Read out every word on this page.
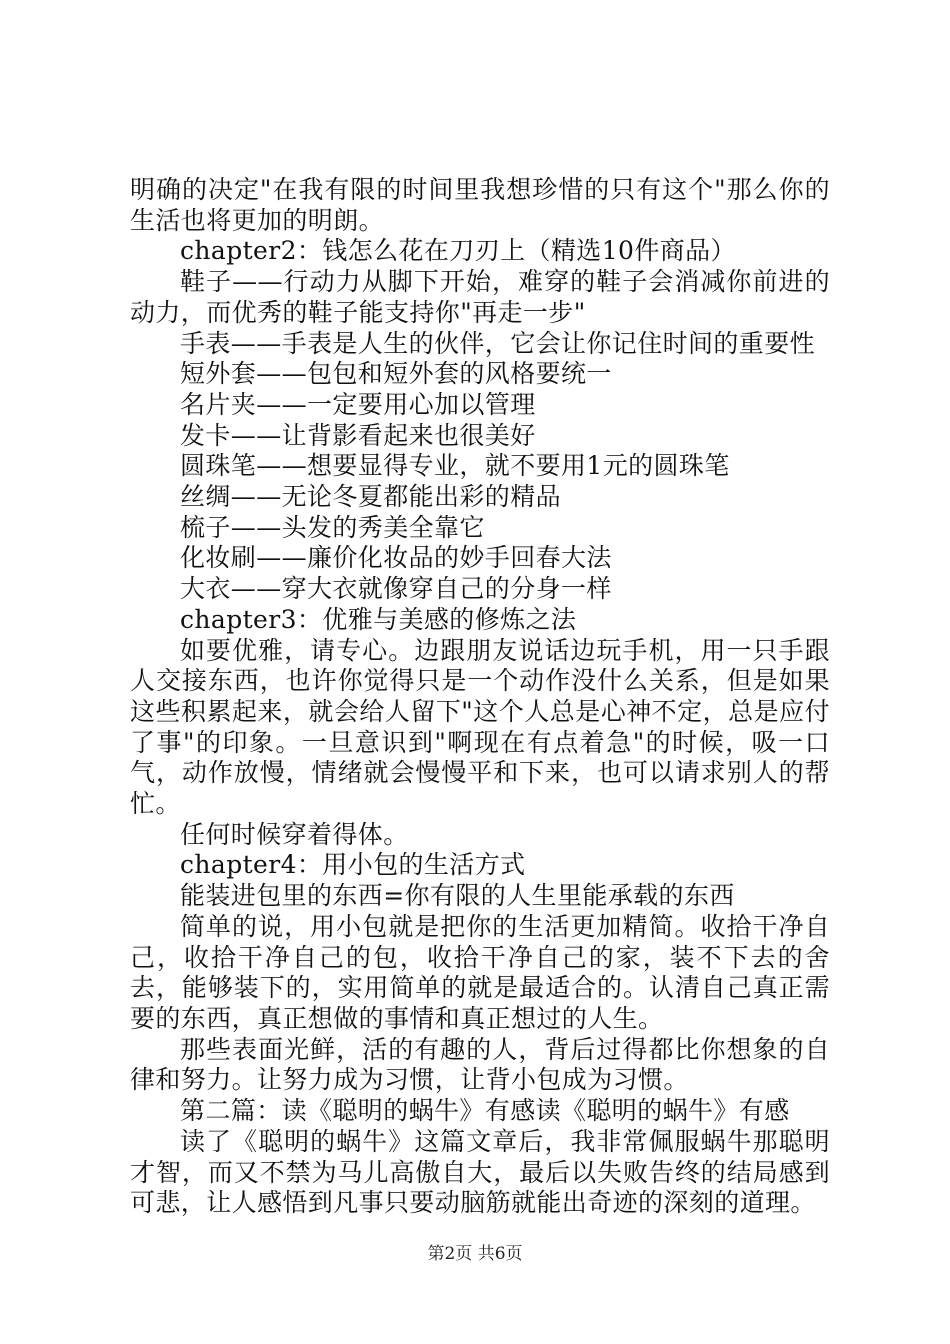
明确的决定"在我有限的时间里我想珍惜的只有这个"那么你的生活也将更加的明朗。

chapter2：钱怎么花在刀刃上（精选10件商品）

鞋子——行动力从脚下开始，难穿的鞋子会消减你前进的动力，而优秀的鞋子能支持你"再走一步"

手表——手表是人生的伙伴，它会让你记住时间的重要性

短外套——包包和短外套的风格要统一

名片夹——一定要用心加以管理

发卡——让背影看起来也很美好

圆珠笔——想要显得专业，就不要用1元的圆珠笔

丝绸——无论冬夏都能出彩的精品

梳子——头发的秀美全靠它

化妆刷——廉价化妆品的妙手回春大法

大衣——穿大衣就像穿自己的分身一样

chapter3：优雅与美感的修炼之法

如要优雅，请专心。边跟朋友说话边玩手机，用一只手跟人交接东西，也许你觉得只是一个动作没什么关系，但是如果这些积累起来，就会给人留下"这个人总是心神不定，总是应付了事"的印象。一旦意识到"啊现在有点着急"的时候，吸一口气，动作放慢，情绪就会慢慢平和下来，也可以请求别人的帮忙。

任何时候穿着得体。

chapter4：用小包的生活方式

能装进包里的东西=你有限的人生里能承载的东西

简单的说，用小包就是把你的生活更加精简。收拾干净自己，收拾干净自己的包，收拾干净自己的家，装不下去的舍去，能够装下的，实用简单的就是最适合的。认清自己真正需要的东西，真正想做的事情和真正想过的人生。

那些表面光鲜，活的有趣的人，背后过得都比你想象的自律和努力。让努力成为习惯，让背小包成为习惯。

第二篇：读《聪明的蜗牛》有感读《聪明的蜗牛》有感

读了《聪明的蜗牛》这篇文章后，我非常佩服蜗牛那聪明才智，而又不禁为马儿高傲自大，最后以失败告终的结局感到可悲，让人感悟到凡事只要动脑筋就能出奇迹的深刻的道理。

第2页 共6页
